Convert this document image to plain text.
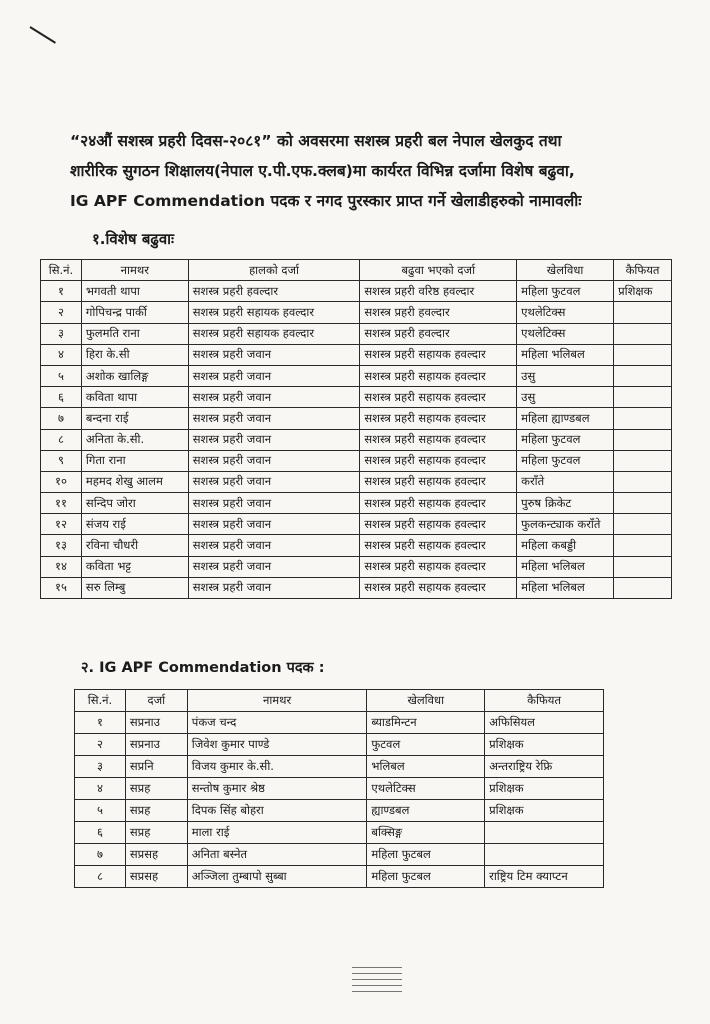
“२४औं सशस्त्र प्रहरी दिवस-२०८१” को अवसरमा सशस्त्र प्रहरी बल नेपाल खेलकुद तथा

शारीरिक सुगठन शिक्षालय(नेपाल ए.पी.एफ.क्लब)मा कार्यरत विभिन्न दर्जामा विशेष बढुवा,

IG APF Commendation पदक र नगद पुरस्कार प्राप्त गर्ने खेलाडीहरुको नामावलीः

१.विशेष बढुवाः
सि.नं.	नामथर	हालको दर्जा	बढुवा भएको दर्जा	खेलविधा	कैफियत
१	भगवती थापा	सशस्त्र प्रहरी हवल्दार	सशस्त्र प्रहरी वरिष्ठ हवल्दार	महिला फुटवल	प्रशिक्षक
२	गोपिचन्द्र पार्की	सशस्त्र प्रहरी सहायक हवल्दार	सशस्त्र प्रहरी हवल्दार	एथलेटिक्स	
३	फुलमति राना	सशस्त्र प्रहरी सहायक हवल्दार	सशस्त्र प्रहरी हवल्दार	एथलेटिक्स	
४	हिरा के.सी	सशस्त्र प्रहरी जवान	सशस्त्र प्रहरी सहायक हवल्दार	महिला भलिबल	
५	अशोक खालिङ्ग	सशस्त्र प्रहरी जवान	सशस्त्र प्रहरी सहायक हवल्दार	उसु	
६	कविता थापा	सशस्त्र प्रहरी जवान	सशस्त्र प्रहरी सहायक हवल्दार	उसु	
७	बन्दना राई	सशस्त्र प्रहरी जवान	सशस्त्र प्रहरी सहायक हवल्दार	महिला ह्याण्डबल	
८	अनिता के.सी.	सशस्त्र प्रहरी जवान	सशस्त्र प्रहरी सहायक हवल्दार	महिला फुटवल	
९	गिता राना	सशस्त्र प्रहरी जवान	सशस्त्र प्रहरी सहायक हवल्दार	महिला फुटवल	
१०	महमद शेखु आलम	सशस्त्र प्रहरी जवान	सशस्त्र प्रहरी सहायक हवल्दार	कराँते	
११	सन्दिप जोरा	सशस्त्र प्रहरी जवान	सशस्त्र प्रहरी सहायक हवल्दार	पुरुष क्रिकेट	
१२	संजय राई	सशस्त्र प्रहरी जवान	सशस्त्र प्रहरी सहायक हवल्दार	फुलकन्ट्याक कराँते	
१३	रविना चौधरी	सशस्त्र प्रहरी जवान	सशस्त्र प्रहरी सहायक हवल्दार	महिला कबड्डी	
१४	कविता भट्ट	सशस्त्र प्रहरी जवान	सशस्त्र प्रहरी सहायक हवल्दार	महिला भलिबल	
१५	सरु लिम्बु	सशस्त्र प्रहरी जवान	सशस्त्र प्रहरी सहायक हवल्दार	महिला भलिबल	
२. IG APF Commendation पदक :
सि.नं.	दर्जा	नामथर	खेलविधा	कैफियत
१	सप्रनाउ	पंकज चन्द	ब्याडमिन्टन	अफिसियल
२	सप्रनाउ	जिवेश कुमार पाण्डे	फुटवल	प्रशिक्षक
३	सप्रनि	विजय कुमार के.सी.	भलिबल	अन्तराष्ट्रिय रेफ्रि
४	सप्रह	सन्तोष कुमार श्रेष्ठ	एथलेटिक्स	प्रशिक्षक
५	सप्रह	दिपक सिंह बोहरा	ह्याण्डबल	प्रशिक्षक
६	सप्रह	माला राई	बक्सिङ्ग	
७	सप्रसह	अनिता बस्नेत	महिला फुटबल	
८	सप्रसह	अञ्जिला तुम्बापो सुब्बा	महिला फुटबल	राष्ट्रिय टिम क्याप्टन
